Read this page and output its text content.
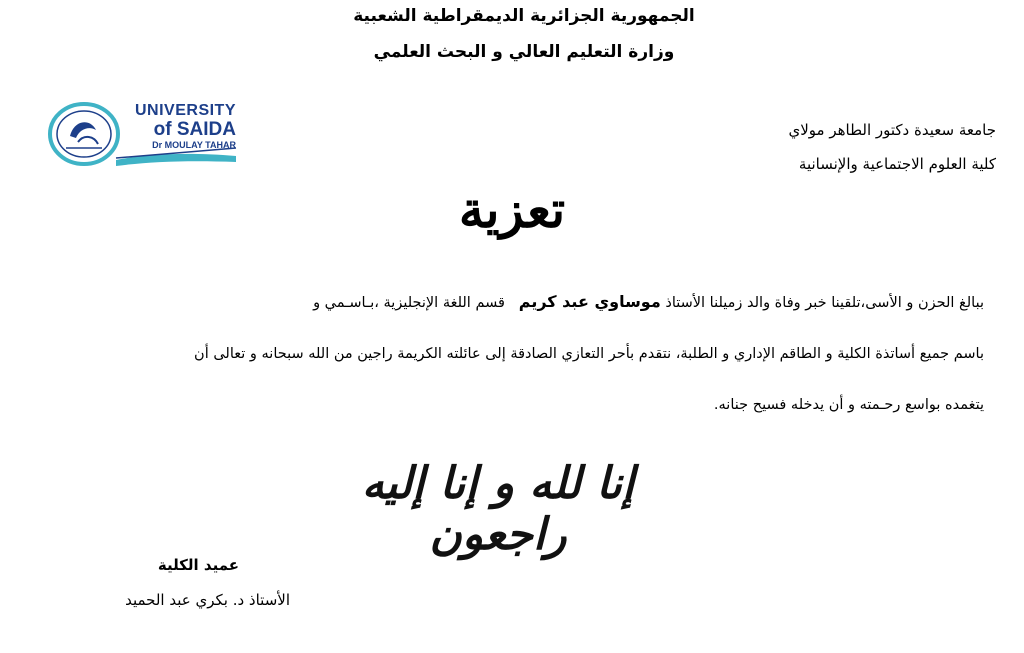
الجمهورية الجزائرية الديمقراطية الشعبية
وزارة التعليم العالي و البحث العلمي
جامعة سعيدة دكتور الطاهر مولاي
كلية العلوم الاجتماعية والإنسانية
UNIVERSITY
of SAIDA
Dr MOULAY TAHAR
تعزية
ببالغ الحزن و الأسى،تلقينا خبر وفاة والد زميلنا الأستاذ موساوي عبد كريم   قسم اللغة الإنجليزية ،بـاسـمي و
باسم جميع أساتذة الكلية و الطاقم الإداري و الطلبة، نتقدم بأحر التعازي الصادقة إلى عائلته الكريمة راجين من الله سبحانه و تعالى أن
يتغمده بواسع رحـمته و أن يدخله فسيح جنانه.
إنا لله و إنا إليه راجعون
عميد الكلية
الأستاذ د. بكري عبد الحميد
